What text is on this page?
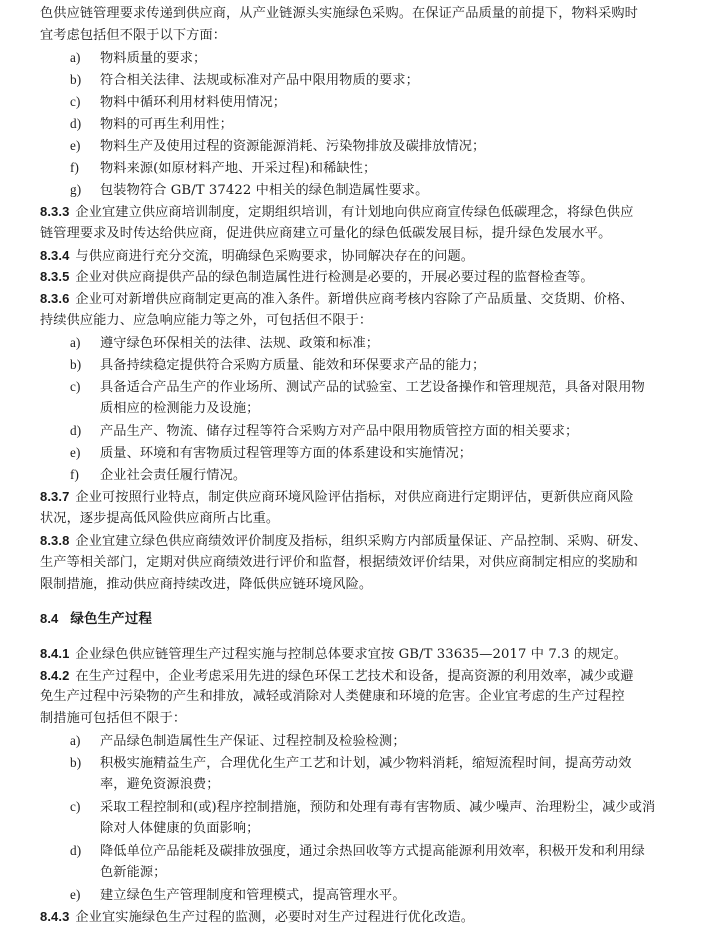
色供应链管理要求传递到供应商，从产业链源头实施绿色采购。在保证产品质量的前提下，物料采购时
宜考虑包括但不限于以下方面：
a) 物料质量的要求；
b) 符合相关法律、法规或标准对产品中限用物质的要求；
c) 物料中循环利用材料使用情况；
d) 物料的可再生利用性；
e) 物料生产及使用过程的资源能源消耗、污染物排放及碳排放情况；
f) 物料来源(如原材料产地、开采过程)和稀缺性；
g) 包装物符合 GB/T 37422 中相关的绿色制造属性要求。
8.3.3 企业宜建立供应商培训制度，定期组织培训，有计划地向供应商宣传绿色低碳理念，将绿色供应
链管理要求及时传达给供应商，促进供应商建立可量化的绿色低碳发展目标，提升绿色发展水平。
8.3.4 与供应商进行充分交流，明确绿色采购要求，协同解决存在的问题。
8.3.5 企业对供应商提供产品的绿色制造属性进行检测是必要的，开展必要过程的监督检查等。
8.3.6 企业可对新增供应商制定更高的准入条件。新增供应商考核内容除了产品质量、交货期、价格、
持续供应能力、应急响应能力等之外，可包括但不限于：
a) 遵守绿色环保相关的法律、法规、政策和标准；
b) 具备持续稳定提供符合采购方质量、能效和环保要求产品的能力；
c) 具备适合产品生产的作业场所、测试产品的试验室、工艺设备操作和管理规范，具备对限用物
质相应的检测能力及设施；
d) 产品生产、物流、储存过程等符合采购方对产品中限用物质管控方面的相关要求；
e) 质量、环境和有害物质过程管理等方面的体系建设和实施情况；
f) 企业社会责任履行情况。
8.3.7 企业可按照行业特点，制定供应商环境风险评估指标，对供应商进行定期评估，更新供应商风险
状况，逐步提高低风险供应商所占比重。
8.3.8 企业宜建立绿色供应商绩效评价制度及指标，组织采购方内部质量保证、产品控制、采购、研发、
生产等相关部门，定期对供应商绩效进行评价和监督，根据绩效评价结果，对供应商制定相应的奖励和
限制措施，推动供应商持续改进，降低供应链环境风险。
8.4 绿色生产过程
8.4.1 企业绿色供应链管理生产过程实施与控制总体要求宜按 GB/T 33635—2017 中 7.3 的规定。
8.4.2 在生产过程中，企业考虑采用先进的绿色环保工艺技术和设备，提高资源的利用效率，减少或避
免生产过程中污染物的产生和排放，减轻或消除对人类健康和环境的危害。企业宜考虑的生产过程控
制措施可包括但不限于：
a) 产品绿色制造属性生产保证、过程控制及检验检测；
b) 积极实施精益生产，合理优化生产工艺和计划，减少物料消耗，缩短流程时间，提高劳动效
率，避免资源浪费；
c) 采取工程控制和(或)程序控制措施，预防和处理有毒有害物质、减少噪声、治理粉尘，减少或消
除对人体健康的负面影响；
d) 降低单位产品能耗及碳排放强度，通过余热回收等方式提高能源利用效率，积极开发和利用绿
色新能源；
e) 建立绿色生产管理制度和管理模式，提高管理水平。
8.4.3 企业宜实施绿色生产过程的监测，必要时对生产过程进行优化改造。
